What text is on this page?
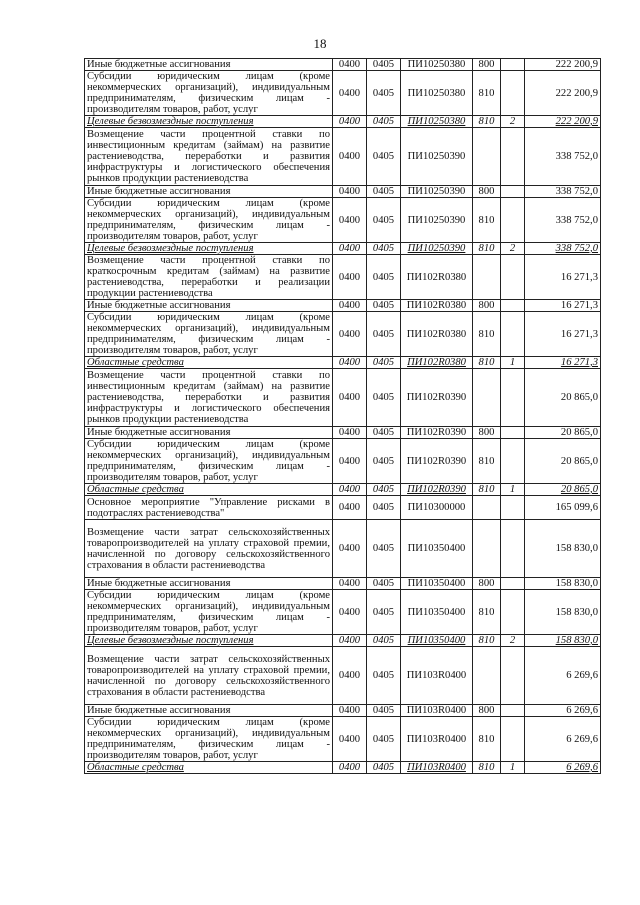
18
Иные бюджетные ассигнования	0400	0405	ПИ10250380	800		222 200,9
Субсидии юридическим лицам (кроме некоммерческих организаций), индивидуальным предпринимателям, физическим лицам - производителям товаров, работ, услуг	0400	0405	ПИ10250380	810		222 200,9
Целевые безвозмездные поступления	0400	0405	ПИ10250380	810	2	222 200,9
Возмещение части процентной ставки по инвестиционным кредитам (займам) на развитие растениеводства, переработки и развития инфраструктуры и логистического обеспечения рынков продукции растениеводства	0400	0405	ПИ10250390			338 752,0
Иные бюджетные ассигнования	0400	0405	ПИ10250390	800		338 752,0
Субсидии юридическим лицам (кроме некоммерческих организаций), индивидуальным предпринимателям, физическим лицам - производителям товаров, работ, услуг	0400	0405	ПИ10250390	810		338 752,0
Целевые безвозмездные поступления	0400	0405	ПИ10250390	810	2	338 752,0
Возмещение части процентной ставки по краткосрочным кредитам (займам) на развитие растениеводства, переработки и реализации продукции растениеводства	0400	0405	ПИ102R0380			16 271,3
Иные бюджетные ассигнования	0400	0405	ПИ102R0380	800		16 271,3
Субсидии юридическим лицам (кроме некоммерческих организаций), индивидуальным предпринимателям, физическим лицам - производителям товаров, работ, услуг	0400	0405	ПИ102R0380	810		16 271,3
Областные средства	0400	0405	ПИ102R0380	810	1	16 271,3
Возмещение части процентной ставки по инвестиционным кредитам (займам) на развитие растениеводства, переработки и развития инфраструктуры и логистического обеспечения рынков продукции растениеводства	0400	0405	ПИ102R0390			20 865,0
Иные бюджетные ассигнования	0400	0405	ПИ102R0390	800		20 865,0
Субсидии юридическим лицам (кроме некоммерческих организаций), индивидуальным предпринимателям, физическим лицам - производителям товаров, работ, услуг	0400	0405	ПИ102R0390	810		20 865,0
Областные средства	0400	0405	ПИ102R0390	810	1	20 865,0
Основное мероприятие "Управление рисками в подотраслях растениеводства"	0400	0405	ПИ10300000			165 099,6
Возмещение части затрат сельскохозяйственных товаропроизводителей на уплату страховой премии, начисленной по договору сельскохозяйственного страхования в области растениеводства	0400	0405	ПИ10350400			158 830,0
Иные бюджетные ассигнования	0400	0405	ПИ10350400	800		158 830,0
Субсидии юридическим лицам (кроме некоммерческих организаций), индивидуальным предпринимателям, физическим лицам - производителям товаров, работ, услуг	0400	0405	ПИ10350400	810		158 830,0
Целевые безвозмездные поступления	0400	0405	ПИ10350400	810	2	158 830,0
Возмещение части затрат сельскохозяйственных товаропроизводителей на уплату страховой премии, начисленной по договору сельскохозяйственного страхования в области растениеводства	0400	0405	ПИ103R0400			6 269,6
Иные бюджетные ассигнования	0400	0405	ПИ103R0400	800		6 269,6
Субсидии юридическим лицам (кроме некоммерческих организаций), индивидуальным предпринимателям, физическим лицам - производителям товаров, работ, услуг	0400	0405	ПИ103R0400	810		6 269,6
Областные средства	0400	0405	ПИ103R0400	810	1	6 269,6
